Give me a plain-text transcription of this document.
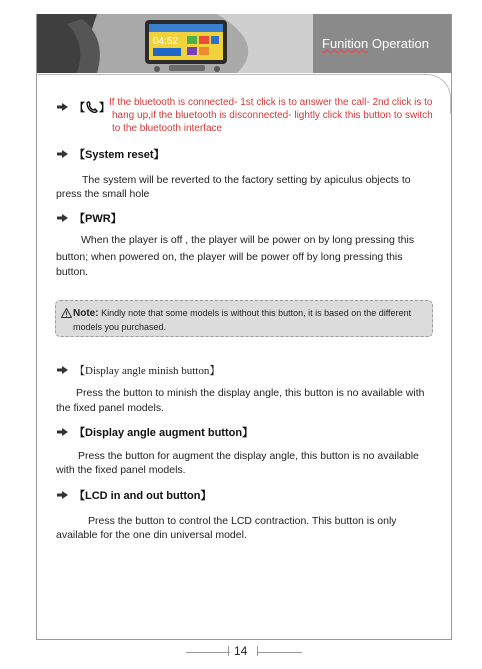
04:52	Funition Operation
【 】 If the bluetooth is connected- 1st click is to answer the call- 2nd click is to
hang up,if the bluetooth is disconnected- lightly click this button to switch
to the bluetooth interface
【System reset】
The system will be reverted to the factory setting by apiculus objects to
press the small hole
【PWR】
When the player is off , the player will be power on by long pressing this
button; when powered on, the player will be power off by long pressing this
button.
Note: Kindly note that some models is without this button, it is based on the different
models you purchased.
【Display angle minish button】
Press the button to minish the display angle, this button is no available with
the fixed panel models.
【Display angle augment button】
Press the button for augment the display angle, this button is no available
with the fixed panel models.
【LCD in and out button】
Press the button to control the LCD contraction. This button is only
available for the one din universal model.
14
